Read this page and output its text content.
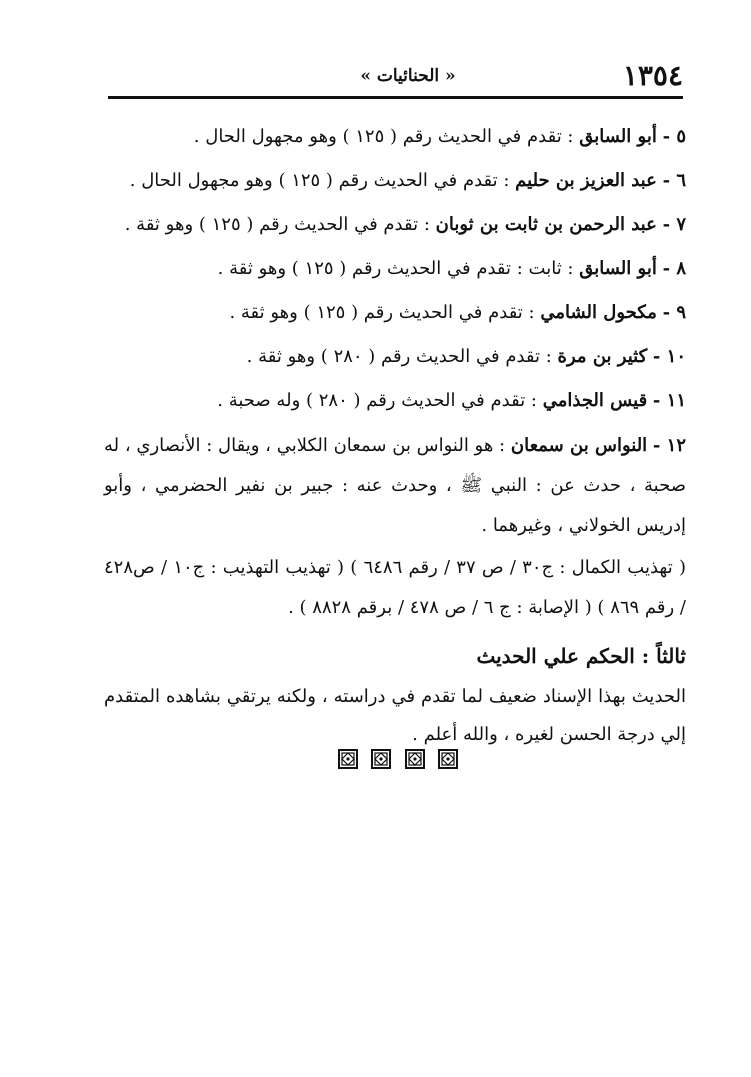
١٣٥٤
« الحنائيات »

٥ - أبو السابق : تقدم في الحديث رقم ( ١٢٥ ) وهو مجهول الحال .

٦ - عبد العزيز بن حليم : تقدم في الحديث رقم ( ١٢٥ ) وهو مجهول الحال .

٧ - عبد الرحمن بن ثابت بن ثوبان : تقدم في الحديث رقم ( ١٢٥ ) وهو ثقة .

٨ - أبو السابق : ثابت : تقدم في الحديث رقم ( ١٢٥ ) وهو ثقة .

٩ - مكحول الشامي : تقدم في الحديث رقم ( ١٢٥ ) وهو ثقة .

١٠ - كثير بن مرة : تقدم في الحديث رقم ( ٢٨٠ ) وهو ثقة .

١١ - قيس الجذامي : تقدم في الحديث رقم ( ٢٨٠ ) وله صحبة .

١٢ - النواس بن سمعان : هو النواس بن سمعان الكلابي ، ويقال : الأنصاري ، له صحبة ، حدث عن : النبي ﷺ ، وحدث عنه : جبير بن نفير الحضرمي ، وأبو إدريس الخولاني ، وغيرهما .

( تهذيب الكمال : ج٣٠ / ص ٣٧ / رقم ٦٤٨٦ ) ( تهذيب التهذيب : ج١٠ / ص٤٢٨ / رقم ٨٦٩ ) ( الإصابة : ج ٦ / ص ٤٧٨ / برقم ٨٨٢٨ ) .

ثالثاً : الحكم علي الحديث

الحديث بهذا الإسناد ضعيف لما تقدم في دراسته ، ولكنه يرتقي بشاهده المتقدم إلي درجة الحسن لغيره ، والله أعلم .
